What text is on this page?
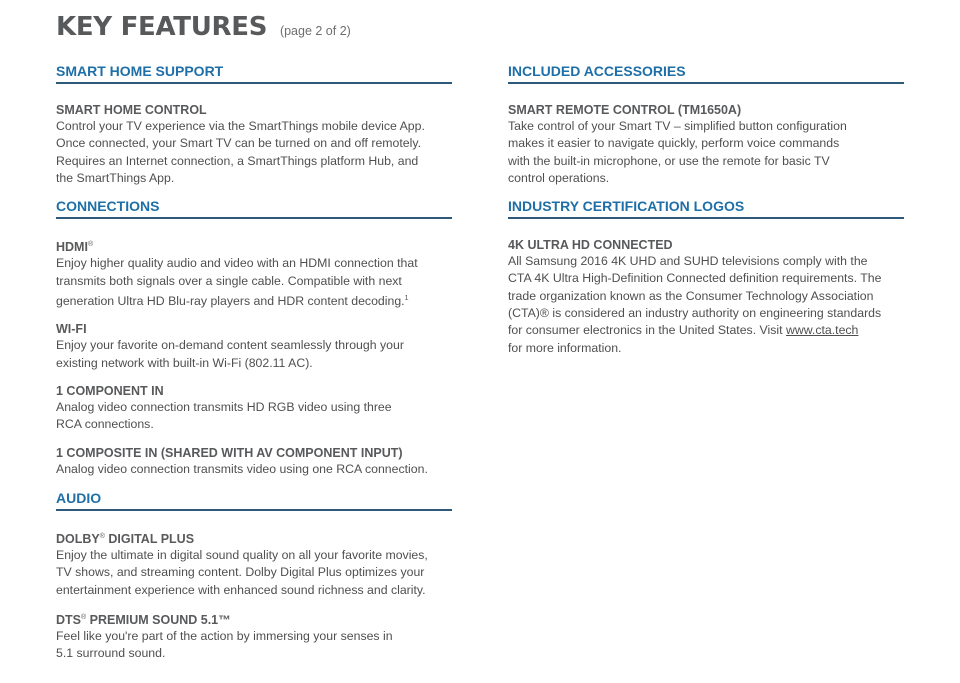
KEY FEATURES (page 2 of 2)
SMART HOME SUPPORT

SMART HOME CONTROL

Control your TV experience via the SmartThings mobile device App.
Once connected, your Smart TV can be turned on and off remotely.
Requires an Internet connection, a SmartThings platform Hub, and
the SmartThings App.

CONNECTIONS

HDMI®

Enjoy higher quality audio and video with an HDMI connection that
transmits both signals over a single cable. Compatible with next
generation Ultra HD Blu-ray players and HDR content decoding.$^1$

WI-FI

Enjoy your favorite on-demand content seamlessly through your
existing network with built-in Wi-Fi (802.11 AC).

1 COMPONENT IN

Analog video connection transmits HD RGB video using three
RCA connections.

1 COMPOSITE IN (SHARED WITH AV COMPONENT INPUT)

Analog video connection transmits video using one RCA connection.

AUDIO

DOLBY® DIGITAL PLUS

Enjoy the ultimate in digital sound quality on all your favorite movies,
TV shows, and streaming content. Dolby Digital Plus optimizes your
entertainment experience with enhanced sound richness and clarity.

DTS® PREMIUM SOUND 5.1™

Feel like you're part of the action by immersing your senses in
5.1 surround sound.

INCLUDED ACCESSORIES

SMART REMOTE CONTROL (TM1650A)

Take control of your Smart TV – simplified button configuration
makes it easier to navigate quickly, perform voice commands
with the built-in microphone, or use the remote for basic TV
control operations.

INDUSTRY CERTIFICATION LOGOS

4K ULTRA HD CONNECTED

All Samsung 2016 4K UHD and SUHD televisions comply with the
CTA 4K Ultra High-Definition Connected definition requirements. The
trade organization known as the Consumer Technology Association
(CTA)® is considered an industry authority on engineering standards
for consumer electronics in the United States. Visit www.cta.tech
for more information.
